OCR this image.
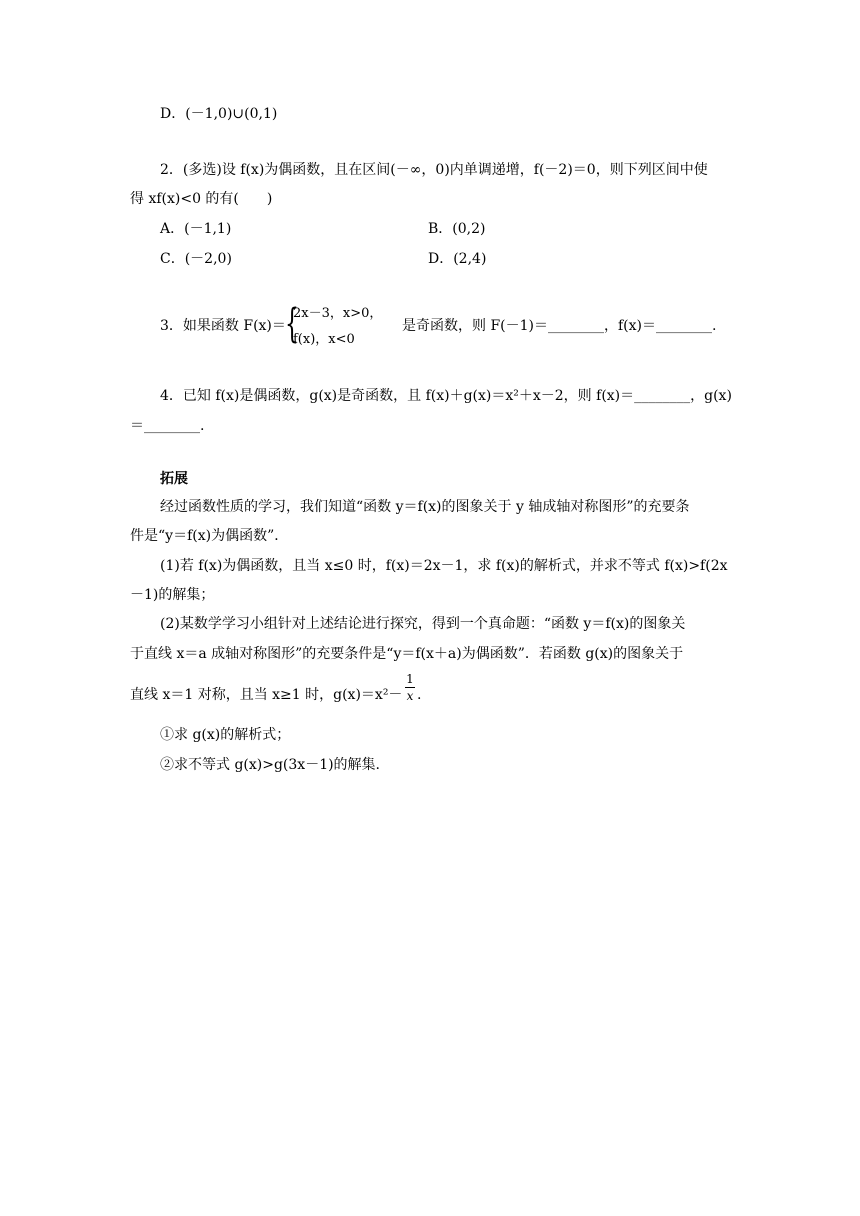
D．(－1,0)∪(0,1)
2．(多选)设 f(x)为偶函数，且在区间(－∞，0)内单调递增，f(－2)＝0，则下列区间中使
得 xf(x)<0 的有(　　)
A．(－1,1)	B．(0,2)
C．(－2,0)	D．(2,4)
3．如果函数 F(x)＝ {
2x－3，x>0，
f(x)，x<0
是奇函数，则 F(－1)＝________，f(x)＝________.
4．已知 f(x)是偶函数，g(x)是奇函数，且 f(x)＋g(x)＝x²＋x－2，则 f(x)＝________，g(x)
＝________.
拓展
经过函数性质的学习，我们知道“函数 y＝f(x)的图象关于 y 轴成轴对称图形”的充要条
件是“y＝f(x)为偶函数”．
(1)若 f(x)为偶函数，且当 x≤0 时，f(x)＝2x－1，求 f(x)的解析式，并求不等式 f(x)>f(2x
－1)的解集；
(2)某数学学习小组针对上述结论进行探究，得到一个真命题：“函数 y＝f(x)的图象关
于直线 x＝a 成轴对称图形”的充要条件是“y＝f(x＋a)为偶函数”．若函数 g(x)的图象关于
直线 x＝1 对称，且当 x≥1 时，g(x)＝x²－
1
x .
①求 g(x)的解析式；
②求不等式 g(x)>g(3x－1)的解集.
